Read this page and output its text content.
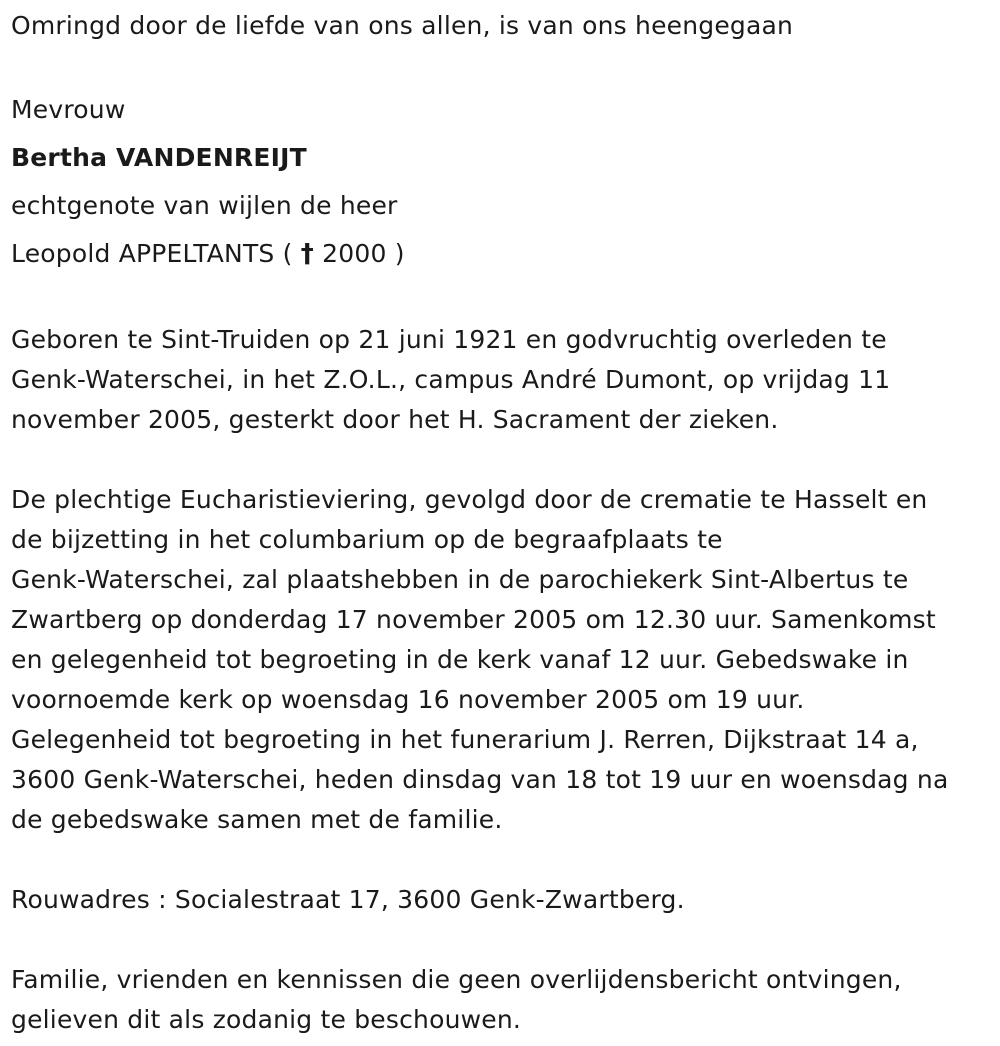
Omringd door de liefde van ons allen, is van ons heengegaan
Mevrouw
Bertha VANDENREIJT
echtgenote van wijlen de heer
Leopold APPELTANTS ( † 2000 )
Geboren te Sint-Truiden op 21 juni 1921 en godvruchtig overleden te
Genk-Waterschei, in het Z.O.L., campus André Dumont, op vrijdag 11
november 2005, gesterkt door het H. Sacrament der zieken.
De plechtige Eucharistieviering, gevolgd door de crematie te Hasselt en
de bijzetting in het columbarium op de begraafplaats te
Genk-Waterschei, zal plaatshebben in de parochiekerk Sint-Albertus te
Zwartberg op donderdag 17 november 2005 om 12.30 uur. Samenkomst
en gelegenheid tot begroeting in de kerk vanaf 12 uur. Gebedswake in
voornoemde kerk op woensdag 16 november 2005 om 19 uur.
Gelegenheid tot begroeting in het funerarium J. Rerren, Dijkstraat 14 a,
3600 Genk-Waterschei, heden dinsdag van 18 tot 19 uur en woensdag na
de gebedswake samen met de familie.
Rouwadres : Socialestraat 17, 3600 Genk-Zwartberg.
Familie, vrienden en kennissen die geen overlijdensbericht ontvingen,
gelieven dit als zodanig te beschouwen.
